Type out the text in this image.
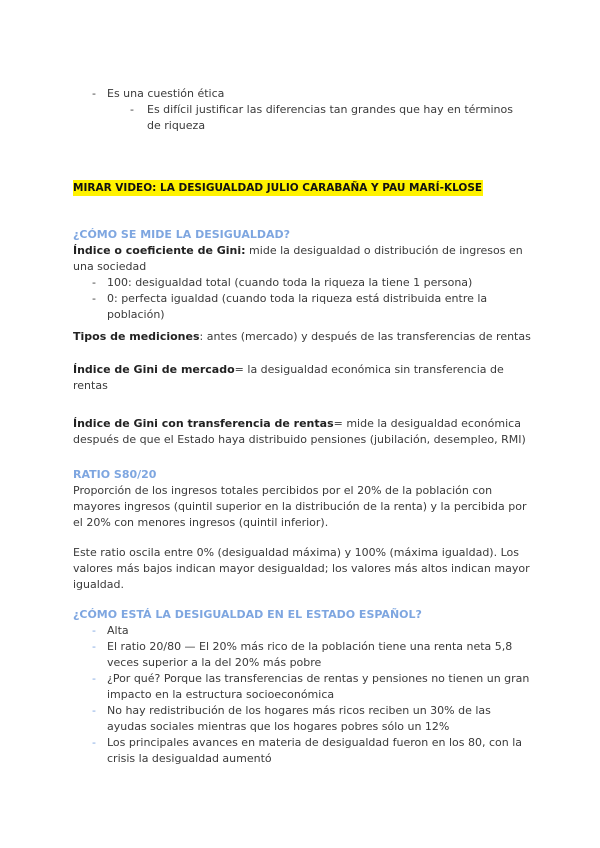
- Es una cuestión ética
- Es difícil justificar las diferencias tan grandes que hay en términos de riqueza
MIRAR VIDEO: LA DESIGUALDAD JULIO CARABAÑA Y PAU MARÍ-KLOSE
¿CÓMO SE MIDE LA DESIGUALDAD?
Índice o coeficiente de Gini: mide la desigualdad o distribución de ingresos en una sociedad
- 100: desigualdad total (cuando toda la riqueza la tiene 1 persona)
- 0: perfecta igualdad (cuando toda la riqueza está distribuida entre la población)
Tipos de mediciones: antes (mercado) y después de las transferencias de rentas
Índice de Gini de mercado= la desigualdad económica sin transferencia de rentas
Índice de Gini con transferencia de rentas= mide la desigualdad económica después de que el Estado haya distribuido pensiones (jubilación, desempleo, RMI)
RATIO S80/20
Proporción de los ingresos totales percibidos por el 20% de la población con mayores ingresos (quintil superior en la distribución de la renta) y la percibida por el 20% con menores ingresos (quintil inferior).
Este ratio oscila entre 0% (desigualdad máxima) y 100% (máxima igualdad). Los valores más bajos indican mayor desigualdad; los valores más altos indican mayor igualdad.
¿CÓMO ESTÁ LA DESIGUALDAD EN EL ESTADO ESPAÑOL?
- Alta
- El ratio 20/80 — El 20% más rico de la población tiene una renta neta 5,8 veces superior a la del 20% más pobre
- ¿Por qué? Porque las transferencias de rentas y pensiones no tienen un gran impacto en la estructura socioeconómica
- No hay redistribución de los hogares más ricos reciben un 30% de las ayudas sociales mientras que los hogares pobres sólo un 12%
- Los principales avances en materia de desigualdad fueron en los 80, con la crisis la desigualdad aumentó
